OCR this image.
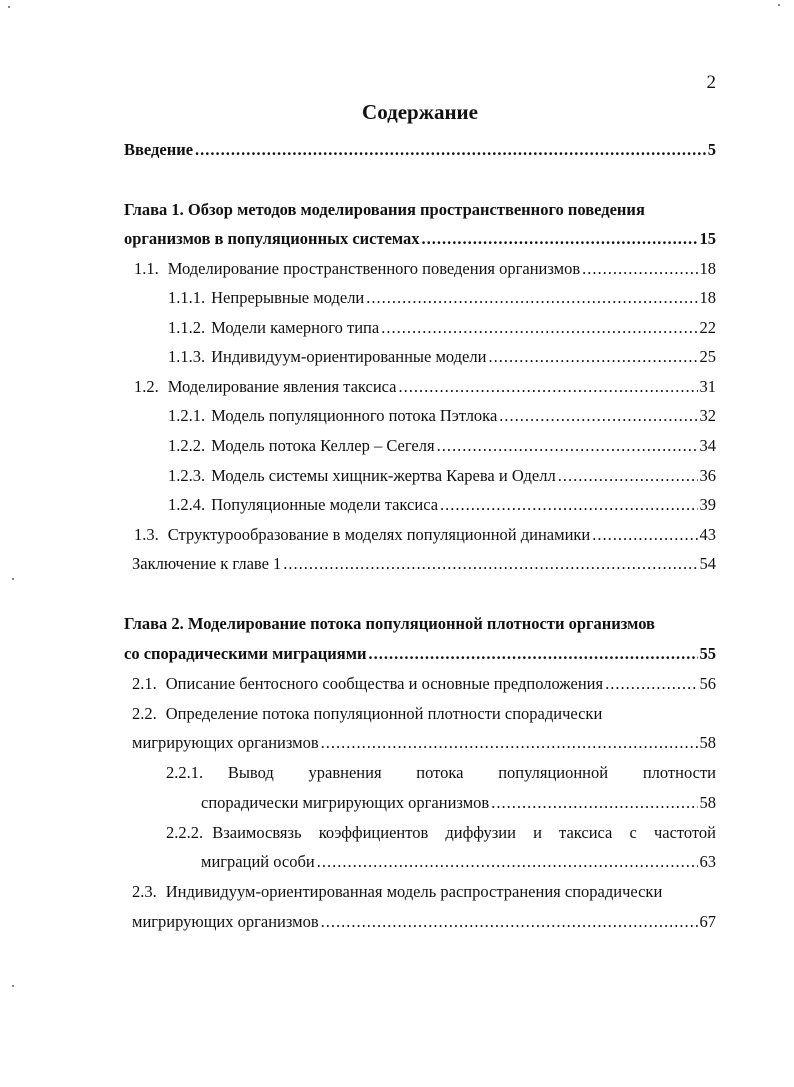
2
Содержание
Введение .....	5
Глава 1. Обзор методов моделирования пространственного поведения
организмов в популяционных системах .....	15
1.1. Моделирование пространственного поведения организмов .....	18
1.1.1. Непрерывные модели .....	18
1.1.2. Модели камерного типа .....	22
1.1.3. Индивидуум-ориентированные модели .....	25
1.2. Моделирование явления таксиса .....	31
1.2.1. Модель популяционного потока Пэтлока .....	32
1.2.2. Модель потока Келлер – Сегеля .....	34
1.2.3. Модель системы хищник-жертва Карева и Оделл .....	36
1.2.4. Популяционные модели таксиса .....	39
1.3. Структурообразование в моделях популяционной динамики .....	43
Заключение к главе 1 .....	54
Глава 2. Моделирование потока популяционной плотности организмов
со спорадическими миграциями .....	55
2.1. Описание бентосного сообщества и основные предположения .....	56
2.2. Определение потока популяционной плотности спорадически
мигрирующих организмов .....	58
2.2.1. Вывод уравнения потока популяционной плотности
спорадически мигрирующих организмов .....	58
2.2.2. Взаимосвязь коэффициентов диффузии и таксиса с частотой
миграций особи .....	63
2.3. Индивидуум-ориентированная модель распространения спорадически
мигрирующих организмов .....	67
